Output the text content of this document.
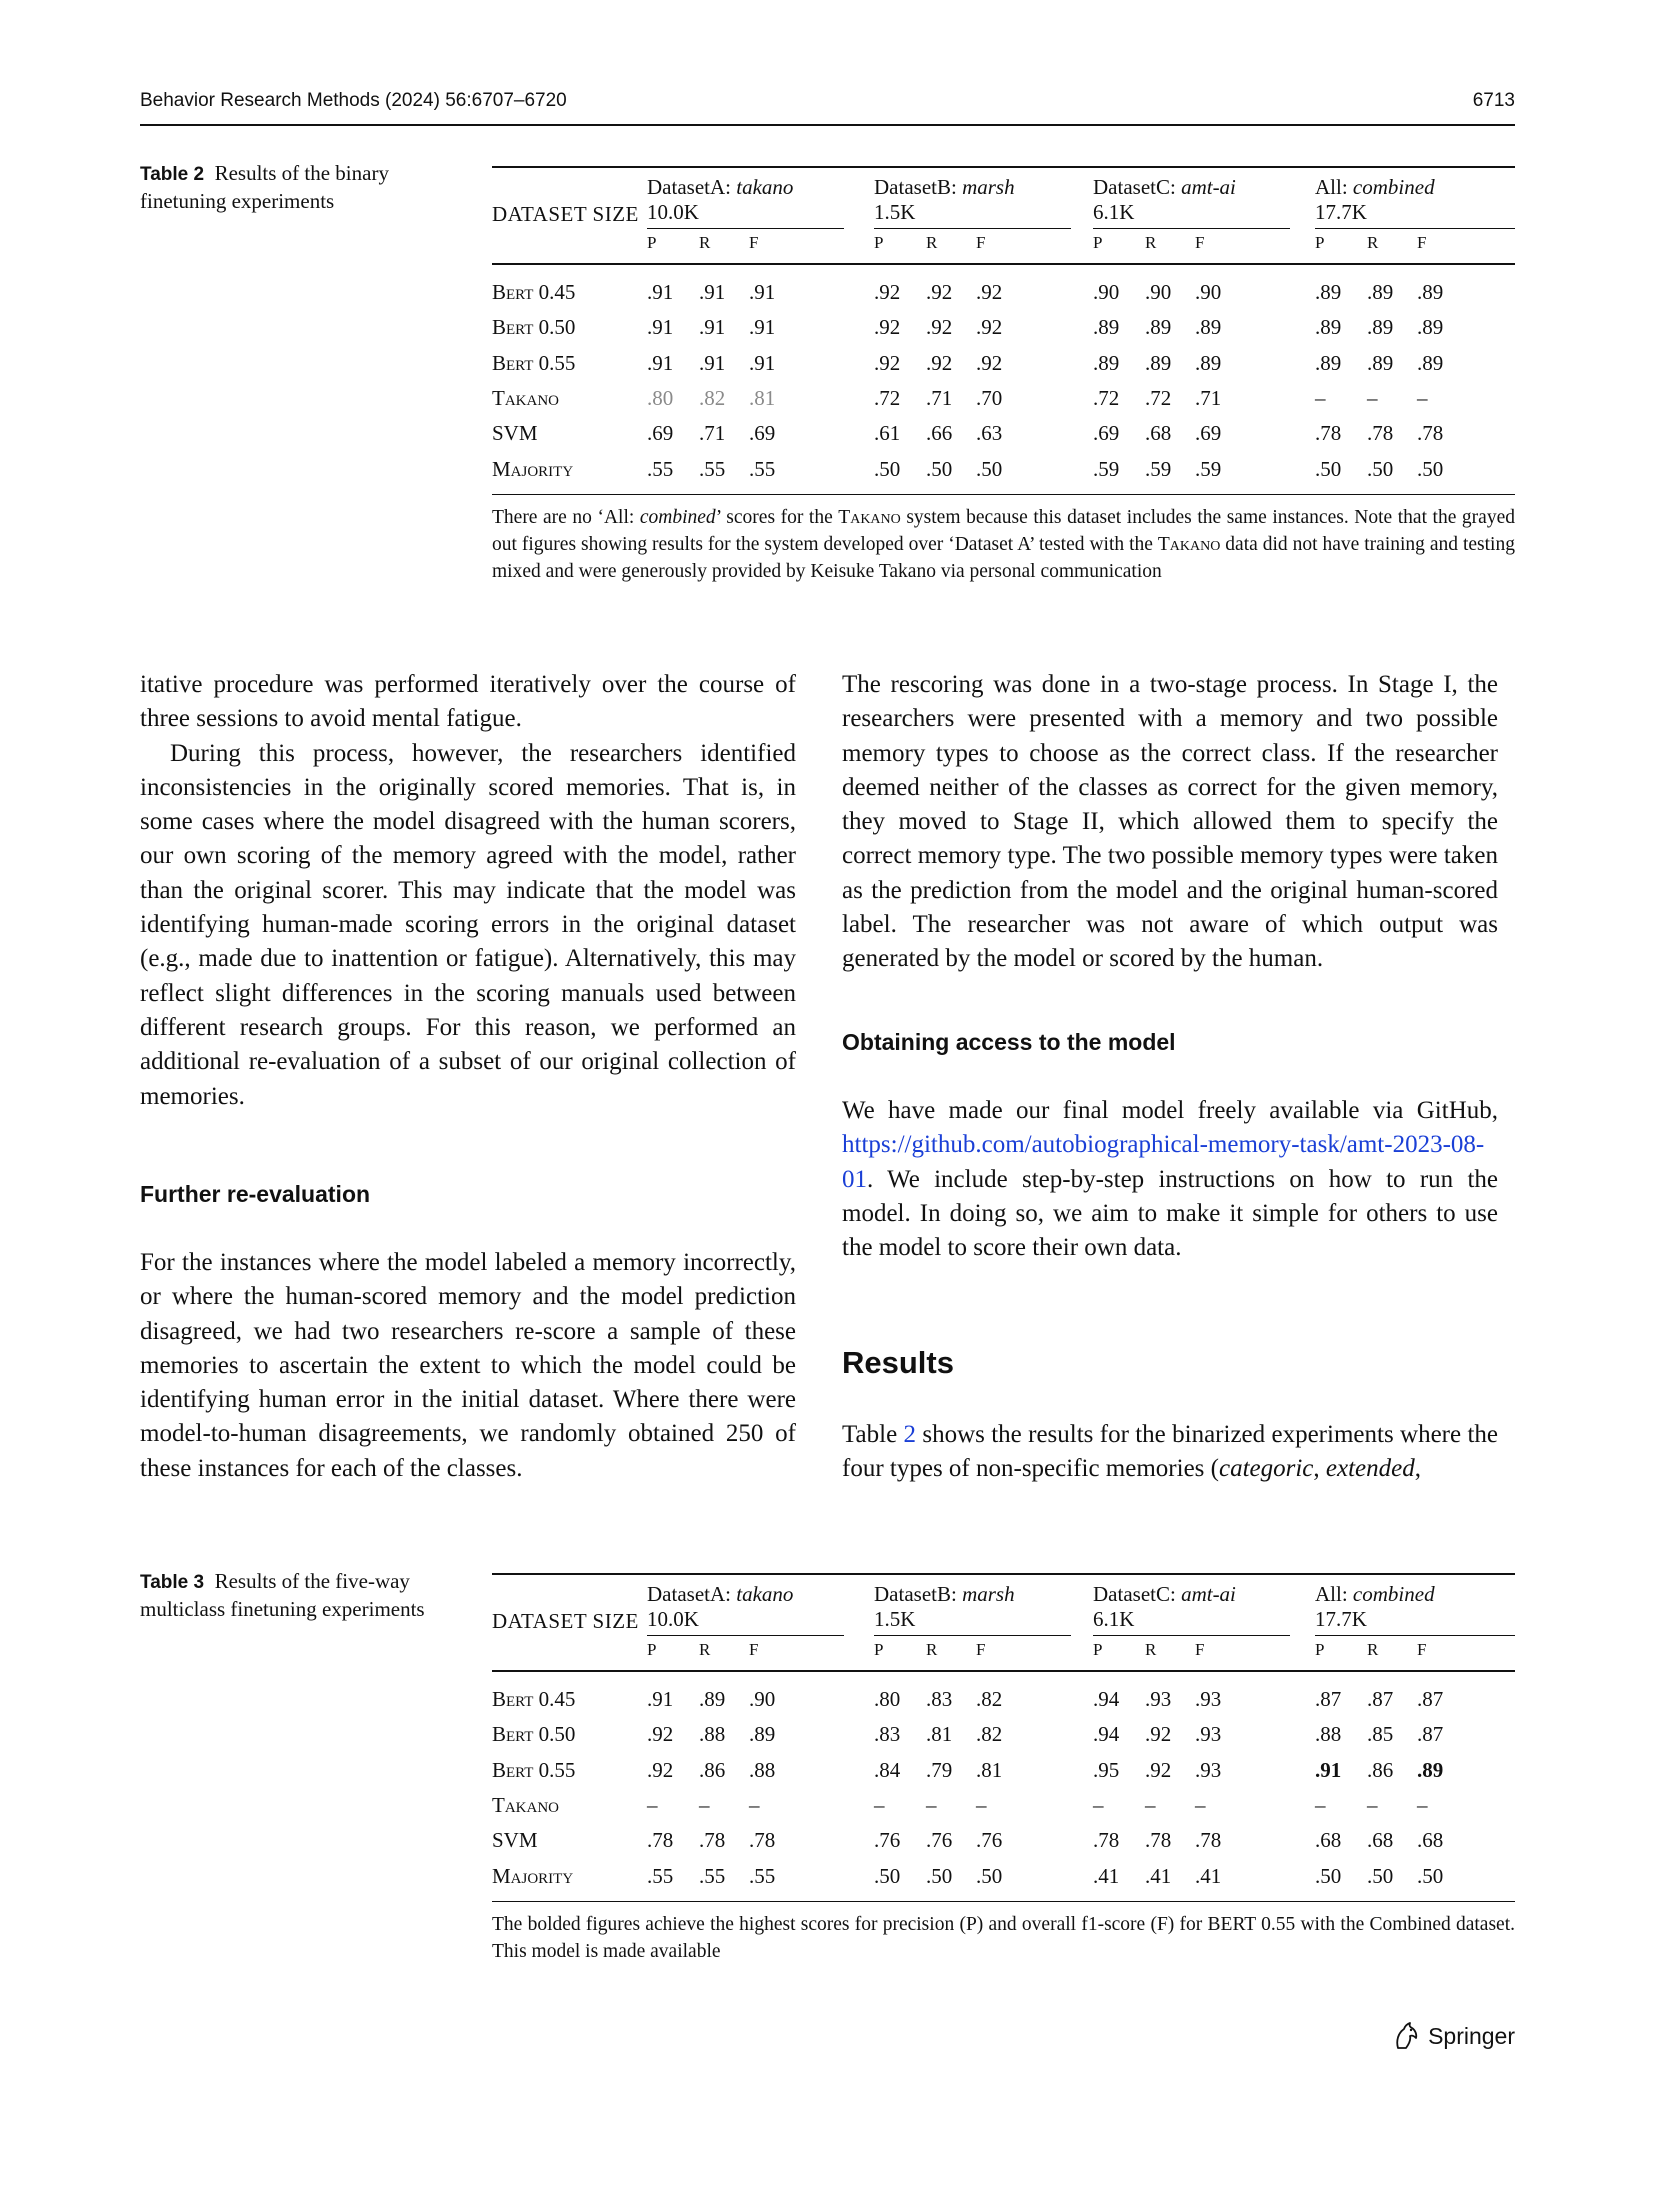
Behavior Research Methods (2024) 56:6707–6720	6713
Table 2 Results of the binary finetuning experiments
DATASET SIZE
DatasetA: takano
10.0K
P	R F
DatasetB: marsh
1.5K
P	R F
DatasetC: amt-ai
6.1K
P	R F
All: combined
17.7K
P	R F
Bert 0.45	.91 .91 .91	.92 .92 .92	.90 .90 .90	.89 .89 .89
Bert 0.50	.91 .91 .91	.92 .92 .92	.89 .89 .89	.89 .89 .89
Bert 0.55	.91 .91 .91	.92 .92 .92	.89 .89 .89	.89 .89 .89
Takano	.80 .82 .81	.72 .71 .70	.72 .72 .71	– – –
SVM	.69 .71 .69	.61 .66 .63	.69 .68 .69	.78 .78 .78
Majority	.55 .55 .55	.50 .50 .50	.59 .59 .59	.50 .50 .50
There are no ‘All: combined’ scores for the Takano system because this dataset includes the same instances. Note that the grayed out figures showing results for the system developed over ‘Dataset A’ tested with the Takano data did not have training and testing mixed and were generously provided by Keisuke Takano via personal communication
Table 3 Results of the five-way multiclass finetuning experiments	DATASET SIZE
DatasetA: takano
10.0K
P	R F
DatasetB: marsh
1.5K
P	R F
DatasetC: amt-ai
6.1K
P	R F
All: combined
17.7K
P	R F
Bert 0.45	.91 .89 .90	.80 .83 .82	.94 .93 .93	.87 .87 .87
Bert 0.50	.92 .88 .89	.83 .81 .82	.94 .92 .93	.88 .85 .87
Bert 0.55	.92 .86 .88	.84 .79 .81	.95 .92 .93	.91 .86 .89
Takano	– – –	– – –	– – –	– – –
SVM	.78 .78 .78	.76 .76 .76	.78 .78 .78	.68 .68 .68
Majority	.55 .55 .55	.50 .50 .50	.41 .41 .41	.50 .50 .50
The bolded figures achieve the highest scores for precision (P) and overall f1-score (F) for BERT 0.55 with the Combined dataset. This model is made available

itative procedure was performed iteratively over the course of three sessions to avoid mental fatigue.

During this process, however, the researchers identified inconsistencies in the originally scored memories. That is, in some cases where the model disagreed with the human scorers, our own scoring of the memory agreed with the model, rather than the original scorer. This may indicate that the model was identifying human-made scoring errors in the original dataset (e.g., made due to inattention or fatigue). Alternatively, this may reflect slight differences in the scoring manuals used between different research groups. For this reason, we performed an additional re-evaluation of a subset of our original collection of memories.

Further re-evaluation

For the instances where the model labeled a memory incorrectly, or where the human-scored memory and the model prediction disagreed, we had two researchers re-score a sample of these memories to ascertain the extent to which the model could be identifying human error in the initial dataset. Where there were model-to-human disagreements, we randomly obtained 250 of these instances for each of the classes.

The rescoring was done in a two-stage process. In Stage I, the researchers were presented with a memory and two possible memory types to choose as the correct class. If the researcher deemed neither of the classes as correct for the given memory, they moved to Stage II, which allowed them to specify the correct memory type. The two possible memory types were taken as the prediction from the model and the original human-scored label. The researcher was not aware of which output was generated by the model or scored by the human.

Obtaining access to the model

We have made our final model freely available via GitHub, https://github.com/autobiographical-memory-task/amt-2023-08-01. We include step-by-step instructions on how to run the model. In doing so, we aim to make it simple for others to use the model to score their own data.

Results

Table 2 shows the results for the binarized experiments where the four types of non-specific memories (categoric, extended,

Springer
